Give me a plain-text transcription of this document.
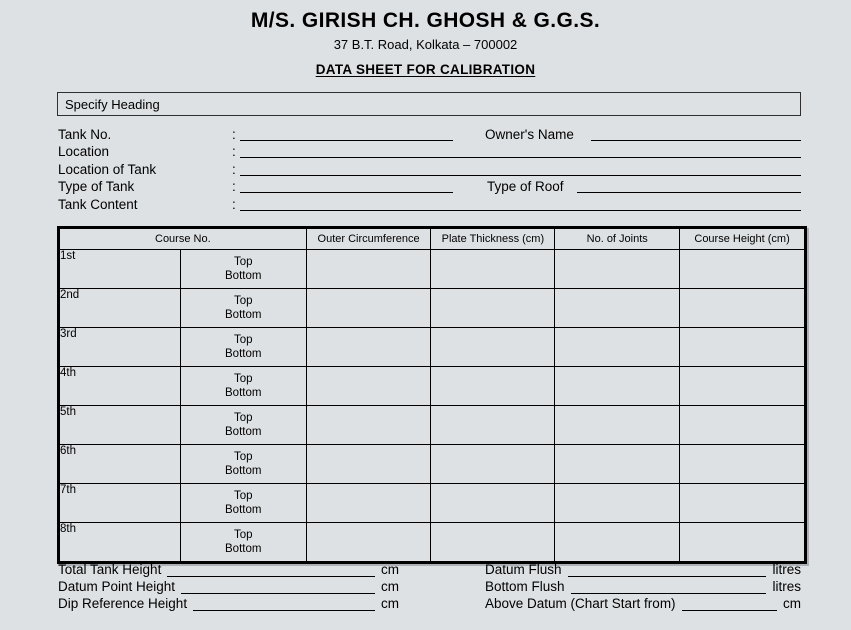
M/S. GIRISH CH. GHOSH & G.G.S.
37 B.T. Road, Kolkata – 700002
DATA SHEET FOR CALIBRATION
Specify Heading
Tank No.	:	Owner's Name
Location	:
Location of Tank	:
Type of Tank	:	Type of Roof
Tank Content	:
Course No.		Outer Circumference	Plate Thickness (cm)	No. of Joints	Course Height (cm)
1st	Top
Bottom				

2nd	Top
Bottom				

3rd	Top
Bottom				

4th	Top
Bottom				

5th	Top
Bottom				

6th	Top
Bottom				

7th	Top
Bottom				

8th	Top
Bottom				

Total Tank Height	cm
Datum Point Height	cm
Dip Reference Height	cm
Datum Flush	litres
Bottom Flush	litres
Above Datum (Chart Start from)	cm
